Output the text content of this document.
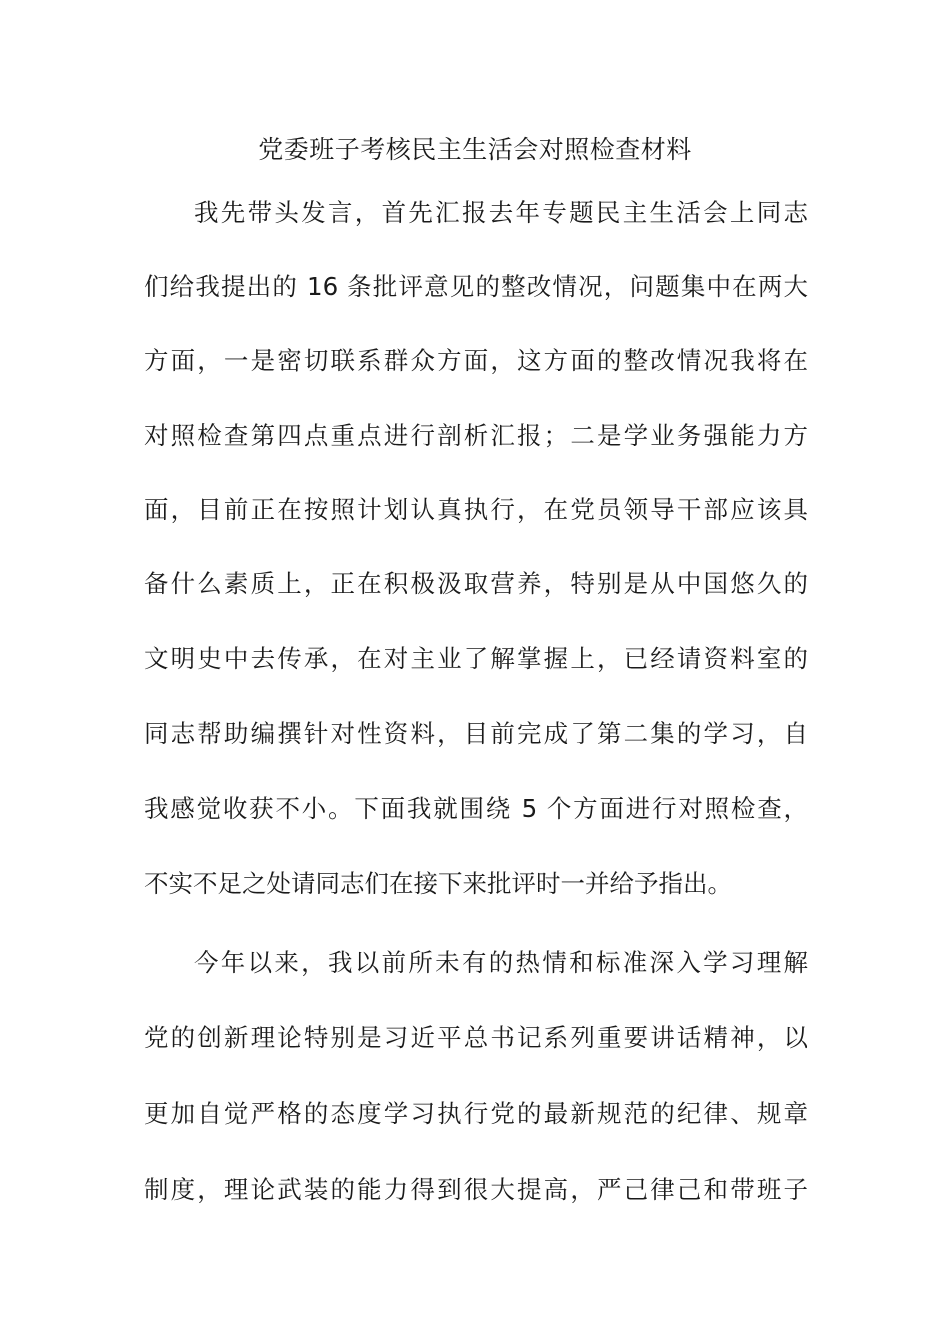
党委班子考核民主生活会对照检查材料

我先带头发言，首先汇报去年专题民主生活会上同志

们给我提出的 16 条批评意见的整改情况，问题集中在两大

方面，一是密切联系群众方面，这方面的整改情况我将在

对照检查第四点重点进行剖析汇报；二是学业务强能力方

面，目前正在按照计划认真执行，在党员领导干部应该具

备什么素质上，正在积极汲取营养，特别是从中国悠久的

文明史中去传承，在对主业了解掌握上，已经请资料室的

同志帮助编撰针对性资料，目前完成了第二集的学习，自

我感觉收获不小。下面我就围绕 5 个方面进行对照检查，

不实不足之处请同志们在接下来批评时一并给予指出。

今年以来，我以前所未有的热情和标准深入学习理解

党的创新理论特别是习近平总书记系列重要讲话精神，以

更加自觉严格的态度学习执行党的最新规范的纪律、规章

制度，理论武装的能力得到很大提高，严己律己和带班子
